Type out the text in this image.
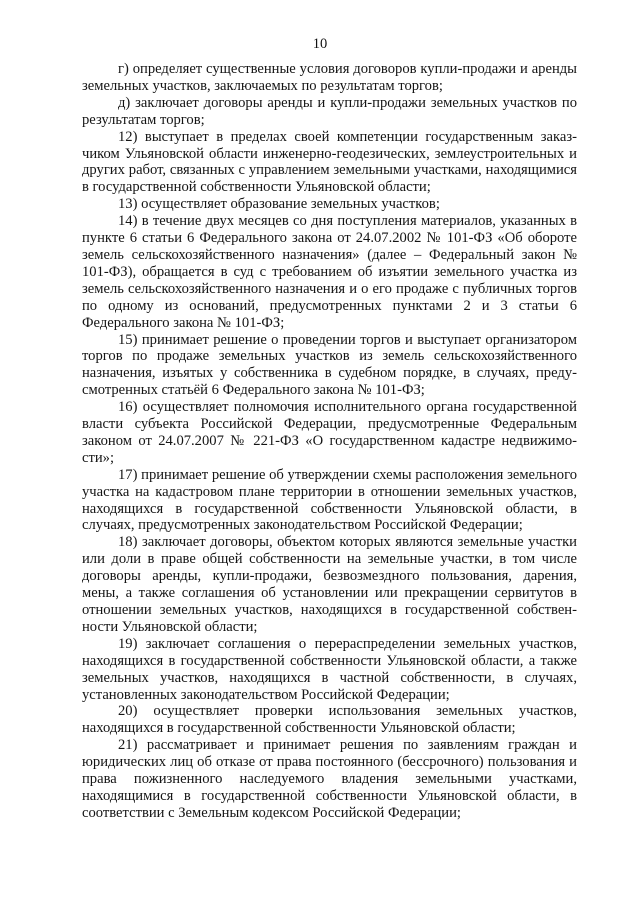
10

г) определяет существенные условия договоров купли-продажи и аренды земельных участков, заключаемых по результатам торгов;

д) заключает договоры аренды и купли-продажи земельных участков по результатам торгов;

12) выступает в пределах своей компетенции государственным заказчиком Ульяновской области инженерно-геодезических, землеустроительных и других работ, связанных с управлением земельными участками, находящимися в государственной собственности Ульяновской области;

13) осуществляет образование земельных участков;

14) в течение двух месяцев со дня поступления материалов, указанных в пункте 6 статьи 6 Федерального закона от 24.07.2002 № 101-ФЗ «Об обороте земель сельскохозяйственного назначения» (далее – Федеральный закон № 101-ФЗ), обращается в суд с требованием об изъятии земельного участка из земель сельскохозяйственного назначения и о его продаже с публичных торгов по одному из оснований, предусмотренных пунктами 2 и 3 статьи 6 Федерального закона № 101-ФЗ;

15) принимает решение о проведении торгов и выступает организатором торгов по продаже земельных участков из земель сельскохозяйственного назначения, изъятых у собственника в судебном порядке, в случаях, предусмотренных статьёй 6 Федерального закона № 101-ФЗ;

16) осуществляет полномочия исполнительного органа государственной власти субъекта Российской Федерации, предусмотренные Федеральным законом от 24.07.2007 № 221-ФЗ «О государственном кадастре недвижимости»;

17) принимает решение об утверждении схемы расположения земельного участка на кадастровом плане территории в отношении земельных участков, находящихся в государственной собственности Ульяновской области, в случаях, предусмотренных законодательством Российской Федерации;

18) заключает договоры, объектом которых являются земельные участки или доли в праве общей собственности на земельные участки, в том числе договоры аренды, купли-продажи, безвозмездного пользования, дарения, мены, а также соглашения об установлении или прекращении сервитутов в отношении земельных участков, находящихся в государственной собственности Ульяновской области;

19) заключает соглашения о перераспределении земельных участков, находящихся в государственной собственности Ульяновской области, а также земельных участков, находящихся в частной собственности, в случаях, установленных законодательством Российской Федерации;

20) осуществляет проверки использования земельных участков, находящихся в государственной собственности Ульяновской области;

21) рассматривает и принимает решения по заявлениям граждан и юридических лиц об отказе от права постоянного (бессрочного) пользования и права пожизненного наследуемого владения земельными участками, находящимися в государственной собственности Ульяновской области, в соответствии с Земельным кодексом Российской Федерации;
